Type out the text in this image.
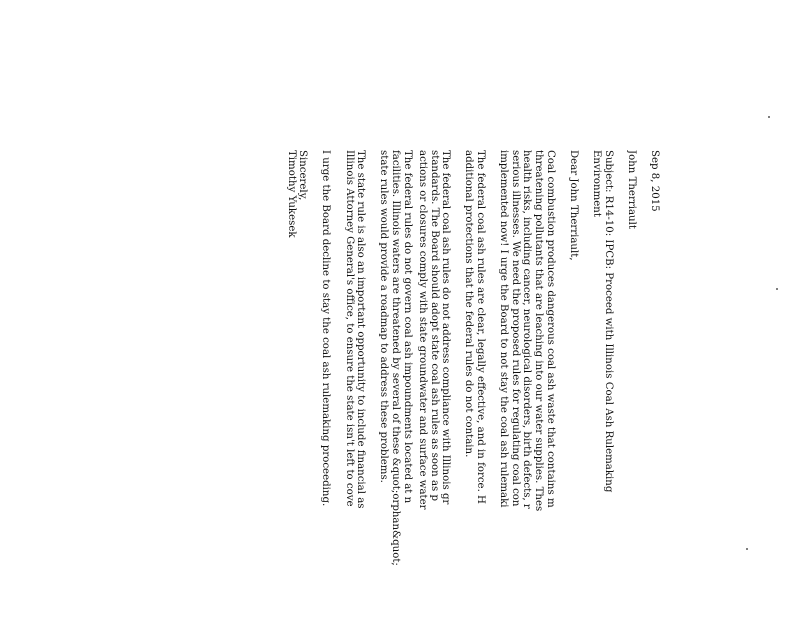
Sep 8, 2015

John Therriault

Subject: R14-10: IPCB: Proceed with Illinois Coal Ash Rulemaking

Environment

Dear John Therriault,

Coal combustion produces dangerous coal ash waste that contains m

threatening pollutants that are leaching into our water supplies. Thes

health risks, including cancer, neurological disorders, birth defects, r

serious illnesses. We need the proposed rules for regulating coal con

implemented now! I urge the Board to not stay the coal ash rulemaki

The federal coal ash rules are clear, legally effective, and in force. H

additional protections that the federal rules do not contain.

The federal coal ash rules do not address compliance with Illinois gr

standards. The Board should adopt state coal ash rules as soon as p

actions or closures comply with state groundwater and surface water

The federal rules do not govern coal ash impoundments located at n

facilities. Illinois waters are threatened by several of these &quot;orphan&quot;

state rules would provide a roadmap to address these problems.

The state rule is also an important opportunity to include financial as

Illinois Attorney General's office, to ensure the state isn't left to cove

I urge the Board decline to stay the coal ash rulemaking proceeding.

Sincerely,

Timothy Yukesek
